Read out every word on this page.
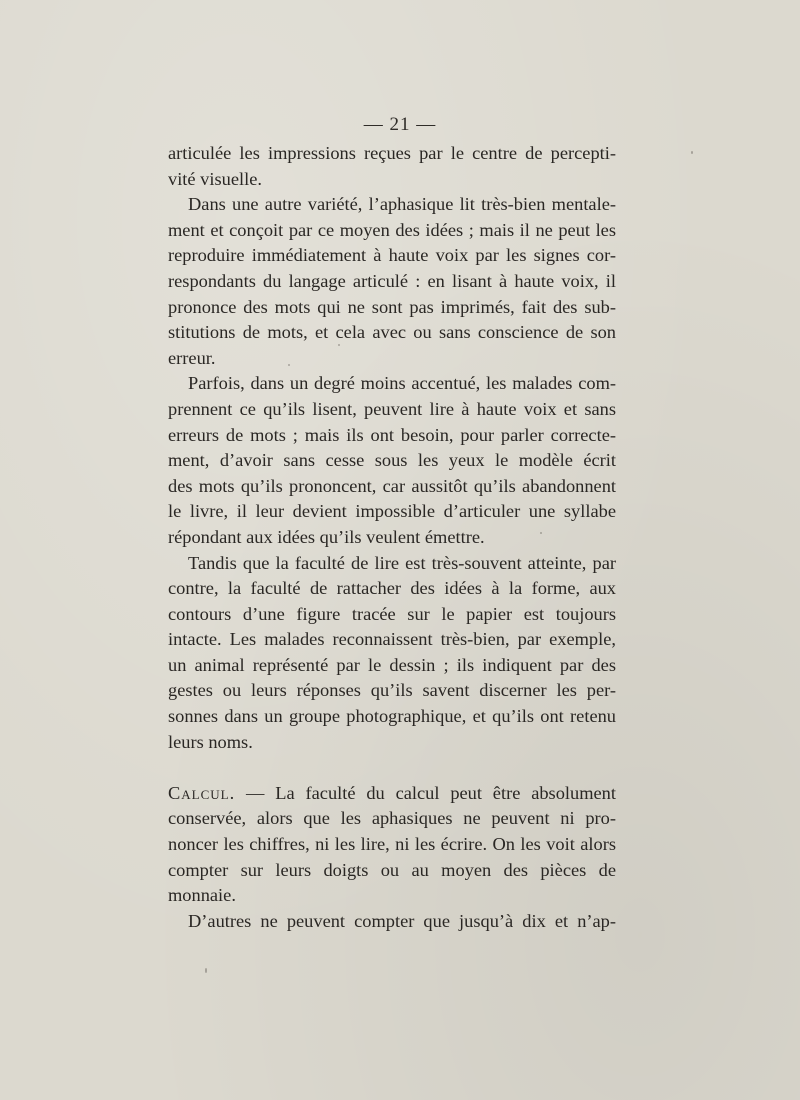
— 21 —
articulée les impressions reçues par le centre de percepti-
vité visuelle.
Dans une autre variété, l’aphasique lit très-bien mentale-
ment et conçoit par ce moyen des idées ; mais il ne peut les
reproduire immédiatement à haute voix par les signes cor-
respondants du langage articulé : en lisant à haute voix, il
prononce des mots qui ne sont pas imprimés, fait des sub-
stitutions de mots, et cela avec ou sans conscience de son
erreur.
Parfois, dans un degré moins accentué, les malades com-
prennent ce qu’ils lisent, peuvent lire à haute voix et sans
erreurs de mots ; mais ils ont besoin, pour parler correcte-
ment, d’avoir sans cesse sous les yeux le modèle écrit
des mots qu’ils prononcent, car aussitôt qu’ils abandonnent
le livre, il leur devient impossible d’articuler une syllabe
répondant aux idées qu’ils veulent émettre.
Tandis que la faculté de lire est très-souvent atteinte, par
contre, la faculté de rattacher des idées à la forme, aux
contours d’une figure tracée sur le papier est toujours
intacte. Les malades reconnaissent très-bien, par exemple,
un animal représenté par le dessin ; ils indiquent par des
gestes ou leurs réponses qu’ils savent discerner les per-
sonnes dans un groupe photographique, et qu’ils ont retenu
leurs noms.
Calcul. — La faculté du calcul peut être absolument
conservée, alors que les aphasiques ne peuvent ni pro-
noncer les chiffres, ni les lire, ni les écrire. On les voit alors
compter sur leurs doigts ou au moyen des pièces de
monnaie.
D’autres ne peuvent compter que jusqu’à dix et n’ap-
